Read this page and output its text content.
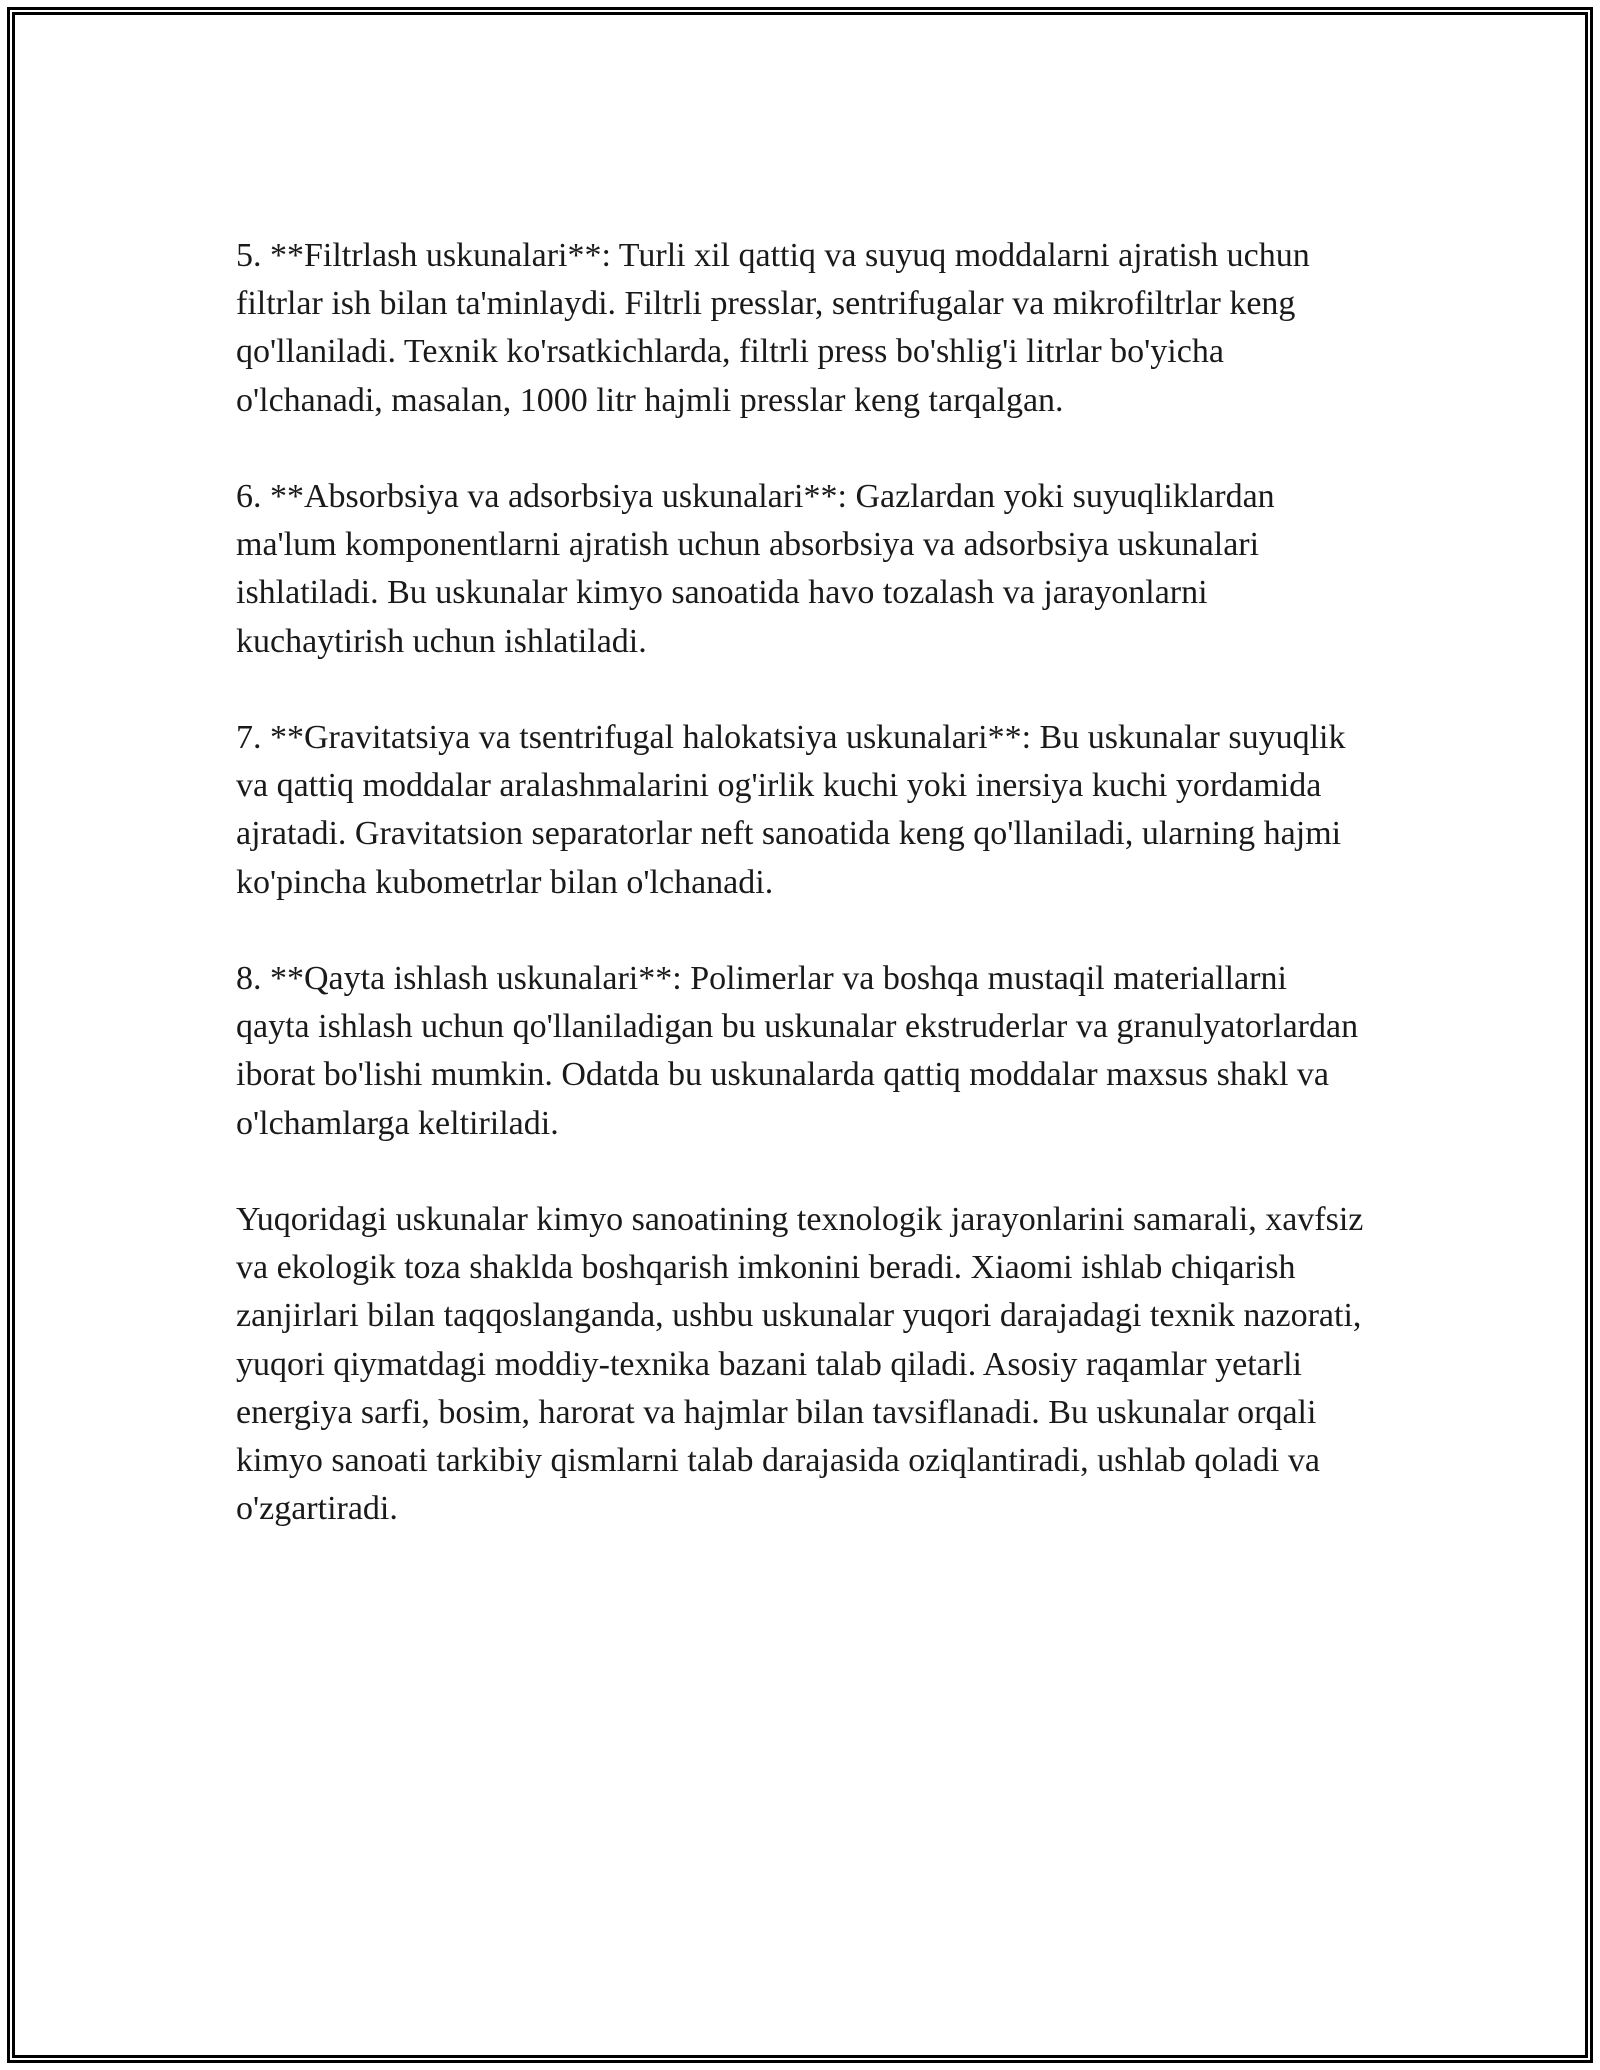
5. **Filtrlash uskunalari**: Turli xil qattiq va suyuq moddalarni ajratish uchun filtrlar ish bilan ta'minlaydi. Filtrli presslar, sentrifugalar va mikrofiltrlar keng qo'llaniladi. Texnik ko'rsatkichlarda, filtrli press bo'shlig'i litrlar bo'yicha o'lchanadi, masalan, 1000 litr hajmli presslar keng tarqalgan.

6. **Absorbsiya va adsorbsiya uskunalari**: Gazlardan yoki suyuqliklardan ma'lum komponentlarni ajratish uchun absorbsiya va adsorbsiya uskunalari ishlatiladi. Bu uskunalar kimyo sanoatida havo tozalash va jarayonlarni kuchaytirish uchun ishlatiladi.

7. **Gravitatsiya va tsentrifugal halokatsiya uskunalari**: Bu uskunalar suyuqlik va qattiq moddalar aralashmalarini og'irlik kuchi yoki inersiya kuchi yordamida ajratadi. Gravitatsion separatorlar neft sanoatida keng qo'llaniladi, ularning hajmi ko'pincha kubometrlar bilan o'lchanadi.

8. **Qayta ishlash uskunalari**: Polimerlar va boshqa mustaqil materiallarni qayta ishlash uchun qo'llaniladigan bu uskunalar ekstruderlar va granulyatorlardan iborat bo'lishi mumkin. Odatda bu uskunalarda qattiq moddalar maxsus shakl va o'lchamlarga keltiriladi.

Yuqoridagi uskunalar kimyo sanoatining texnologik jarayonlarini samarali, xavfsiz va ekologik toza shaklda boshqarish imkonini beradi. Xiaomi ishlab chiqarish zanjirlari bilan taqqoslanganda, ushbu uskunalar yuqori darajadagi texnik nazorati, yuqori qiymatdagi moddiy-texnika bazani talab qiladi. Asosiy raqamlar yetarli energiya sarfi, bosim, harorat va hajmlar bilan tavsiflanadi. Bu uskunalar orqali kimyo sanoati tarkibiy qismlarni talab darajasida oziqlantiradi, ushlab qoladi va o'zgartiradi.
